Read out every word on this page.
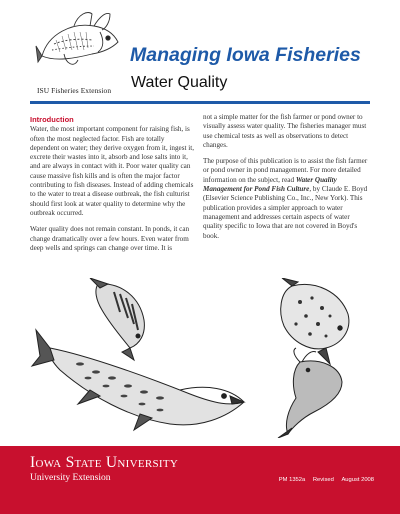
Managing Iowa Fisheries
Water Quality
ISU Fisheries Extension
Introduction

Water, the most important component for raising fish, is often the most neglected factor. Fish are totally dependent on water; they derive oxygen from it, ingest it, excrete their wastes into it, absorb and lose salts into it, and are always in contact with it. Poor water quality can cause massive fish kills and is often the major factor contributing to fish diseases. Instead of adding chemicals to the water to treat a disease outbreak, the fish culturist should first look at water quality to determine why the outbreak occurred.

Water quality does not remain constant. In ponds, it can change dramatically over a few hours. Even water from deep wells and springs can change over time. It is

not a simple matter for the fish farmer or pond owner to visually assess water quality. The fisheries manager must use chemical tests as well as observations to detect changes.

The purpose of this publication is to assist the fish farmer or pond owner in pond management. For more detailed information on the subject, read Water Quality Management for Pond Fish Culture, by Claude E. Boyd (Elsevier Science Publishing Co., Inc., New York). This publication provides a simpler approach to water management and addresses certain aspects of water quality specific to Iowa that are not covered in Boyd's book.

Iowa State University
University Extension	PM 1352a Revised August 2008
